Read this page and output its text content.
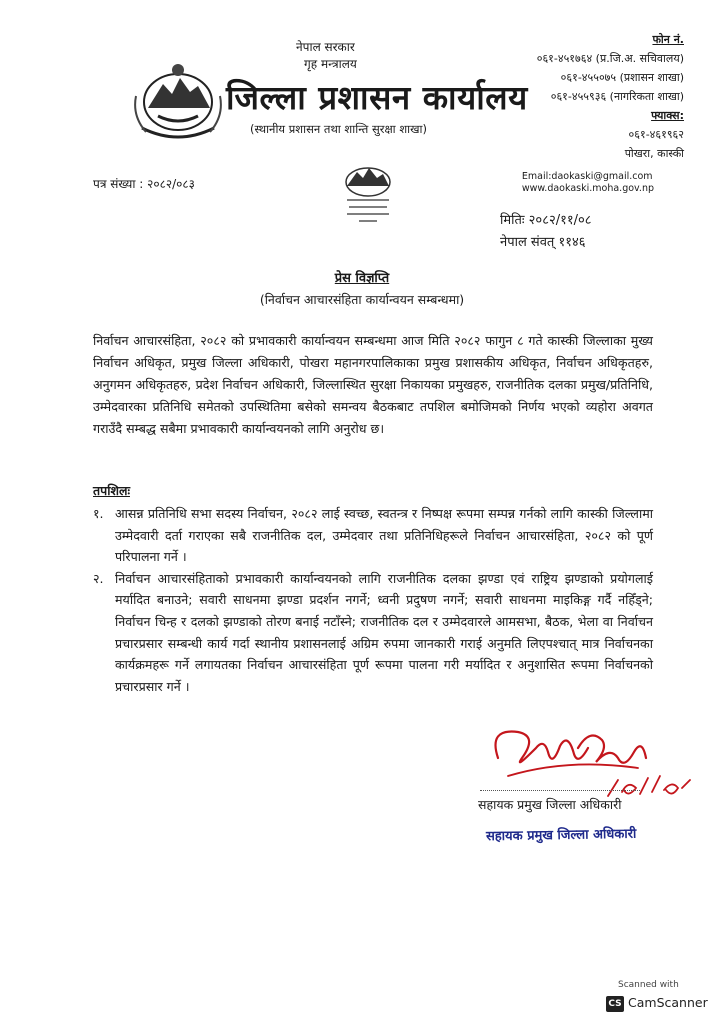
नेपाल सरकार
गृह मन्त्रालय
जिल्ला प्रशासन कार्यालय
(स्थानीय प्रशासन तथा शान्ति सुरक्षा शाखा)
फोन नं.
०६१-४५१७६४ (प्र.जि.अ. सचिवालय)
०६१-४५५०७५ (प्रशासन शाखा)
०६१-४५५९३६ (नागरिकता शाखा)
फ्याक्स:
०६१-४६१९६२
पोखरा, कास्की
पत्र संख्या : २०८२/०८३
Email:daokaski@gmail.com
www.daokaski.moha.gov.np
मितिः २०८२/११/०८
नेपाल संवत् ११४६
प्रेस विज्ञप्ति
(निर्वाचन आचारसंहिता कार्यान्वयन सम्बन्धमा)
निर्वाचन आचारसंहिता, २०८२ को प्रभावकारी कार्यान्वयन सम्बन्धमा आज मिति २०८२ फागुन ८ गते कास्की जिल्लाका मुख्य निर्वाचन अधिकृत, प्रमुख जिल्ला अधिकारी, पोखरा महानगरपालिकाका प्रमुख प्रशासकीय अधिकृत, निर्वाचन अधिकृतहरु, अनुगमन अधिकृतहरु, प्रदेश निर्वाचन अधिकारी, जिल्लास्थित सुरक्षा निकायका प्रमुखहरु, राजनीतिक दलका प्रमुख/प्रतिनिधि, उम्मेदवारका प्रतिनिधि समेतको उपस्थितिमा बसेको समन्वय बैठकबाट तपशिल बमोजिमको निर्णय भएको व्यहोरा अवगत गराउँदै सम्बद्ध सबैमा प्रभावकारी कार्यान्वयनको लागि अनुरोध छ।
तपशिलः
१. आसन्न प्रतिनिधि सभा सदस्य निर्वाचन, २०८२ लाई स्वच्छ, स्वतन्त्र र निष्पक्ष रूपमा सम्पन्न गर्नको लागि कास्की जिल्लामा उम्मेदवारी दर्ता गराएका सबै राजनीतिक दल, उम्मेदवार तथा प्रतिनिधिहरूले निर्वाचन आचारसंहिता, २०८२ को पूर्ण परिपालना गर्ने ।
२. निर्वाचन आचारसंहिताको प्रभावकारी कार्यान्वयनको लागि राजनीतिक दलका झण्डा एवं राष्ट्रिय झण्डाको प्रयोगलाई मर्यादित बनाउने; सवारी साधनमा झण्डा प्रदर्शन नगर्ने; ध्वनी प्रदुषण नगर्ने; सवारी साधनमा माइकिङ्ग गर्दै नहिँड्ने; निर्वाचन चिन्ह र दलको झण्डाको तोरण बनाई नटाँस्ने; राजनीतिक दल र उम्मेदवारले आमसभा, बैठक, भेला वा निर्वाचन प्रचारप्रसार सम्बन्धी कार्य गर्दा स्थानीय प्रशासनलाई अग्रिम रुपमा जानकारी गराई अनुमति लिएपश्चात् मात्र निर्वाचनका कार्यक्रमहरू गर्ने लगायतका निर्वाचन आचारसंहिता पूर्ण रूपमा पालना गरी मर्यादित र अनुशासित रूपमा निर्वाचनको प्रचारप्रसार गर्ने ।
सहायक प्रमुख जिल्ला अधिकारी
सहायक प्रमुख जिल्ला अधिकारी
Scanned with
CS CamScanner
